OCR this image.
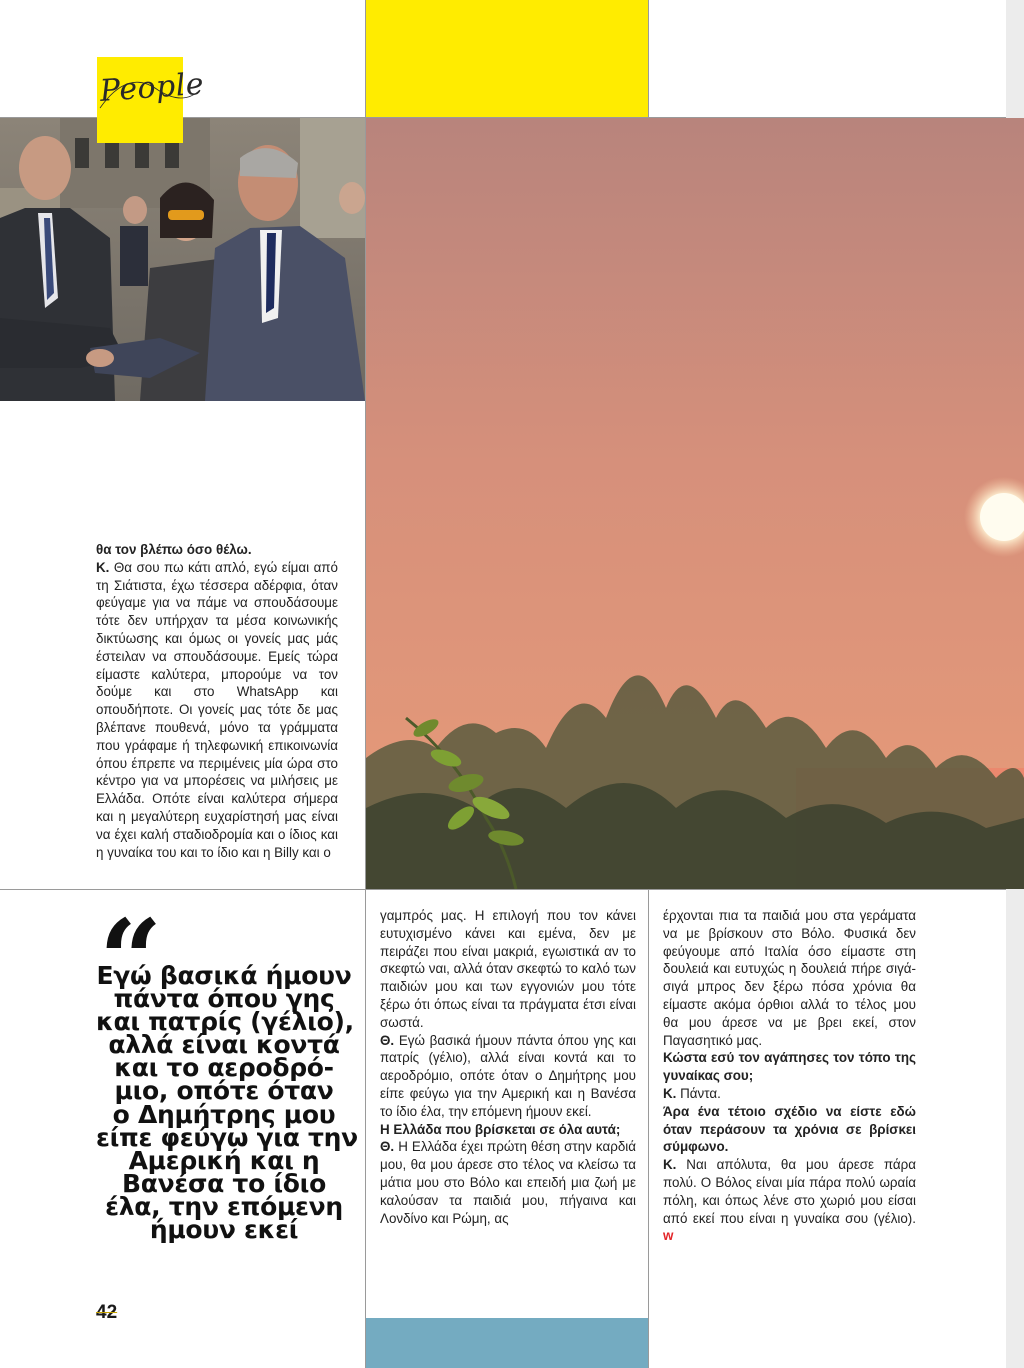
People

θα τον βλέπω όσο θέλω.

Κ. Θα σου πω κάτι απλό, εγώ είμαι από τη Σιάτιστα, έχω τέσσερα αδέρφια, όταν φεύγαμε για να πάμε να σπουδάσουμε τότε δεν υπήρχαν τα μέσα κοινωνικής δικτύωσης και όμως οι γονείς μας μάς έστειλαν να σπουδάσουμε. Εμείς τώρα είμαστε καλύτερα, μπορούμε να τον δούμε και στο WhatsApp και οπουδήποτε. Οι γονείς μας τότε δε μας βλέπανε πουθενά, μόνο τα γράμματα που γράφαμε ή τηλεφωνική επικοινωνία όπου έπρεπε να περιμένεις μία ώρα στο κέντρο για να μπορέσεις να μιλήσεις με Ελλάδα. Οπότε είναι καλύτερα σήμερα και η μεγαλύτερη ευχαρίστησή μας είναι να έχει καλή σταδιοδρομία και ο ίδιος και η γυναίκα του και το ίδιο και η Billy και ο

“
Εγώ βασικά ήμουν
πάντα όπου γης
και πατρίς (γέλιο),
αλλά είναι κοντά
και το αεροδρό-
μιο, οπότε όταν
ο Δημήτρης μου
είπε φεύγω για την
Αμερική και η
Βανέσα το ίδιο
έλα, την επόμενη
ήμουν εκεί

γαμπρός μας. Η επιλογή που τον κάνει ευτυχισμένο κάνει και εμένα, δεν με πειράζει που είναι μακριά, εγωιστικά αν το σκεφτώ ναι, αλλά όταν σκεφτώ το καλό των παιδιών μου και των εγγονιών μου τότε ξέρω ότι όπως είναι τα πράγματα έτσι είναι σωστά.

Θ. Εγώ βασικά ήμουν πάντα όπου γης και πατρίς (γέλιο), αλλά είναι κοντά και το αεροδρόμιο, οπότε όταν ο Δημήτρης μου είπε φεύγω για την Αμερική και η Βανέσα το ίδιο έλα, την επόμενη ήμουν εκεί.

Η Ελλάδα που βρίσκεται σε όλα αυτά;

Θ. Η Ελλάδα έχει πρώτη θέση στην καρδιά μου, θα μου άρεσε στο τέλος να κλείσω τα μάτια μου στο Βόλο και επειδή μια ζωή με καλούσαν τα παιδιά μου, πήγαινα και Λονδίνο και Ρώμη, ας

έρχονται πια τα παιδιά μου στα γεράματα να με βρίσκουν στο Βόλο. Φυσικά δεν φεύγουμε από Ιταλία όσο είμαστε στη δουλειά και ευτυχώς η δουλειά πήρε σιγά-σιγά μπρος δεν ξέρω πόσα χρόνια θα είμαστε ακόμα όρθιοι αλλά το τέλος μου θα μου άρεσε να με βρει εκεί, στον Παγασητικό μας.

Κώστα εσύ τον αγάπησες τον τόπο της γυναίκας σου;

Κ. Πάντα.

Άρα ένα τέτοιο σχέδιο να είστε εδώ όταν περάσουν τα χρόνια σε βρίσκει σύμφωνο.

Κ. Ναι απόλυτα, θα μου άρεσε πάρα πολύ. Ο Βόλος είναι μία πάρα πολύ ωραία πόλη, και όπως λένε στο χωριό μου είσαι από εκεί που είναι η γυναίκα σου (γέλιο). w

42
